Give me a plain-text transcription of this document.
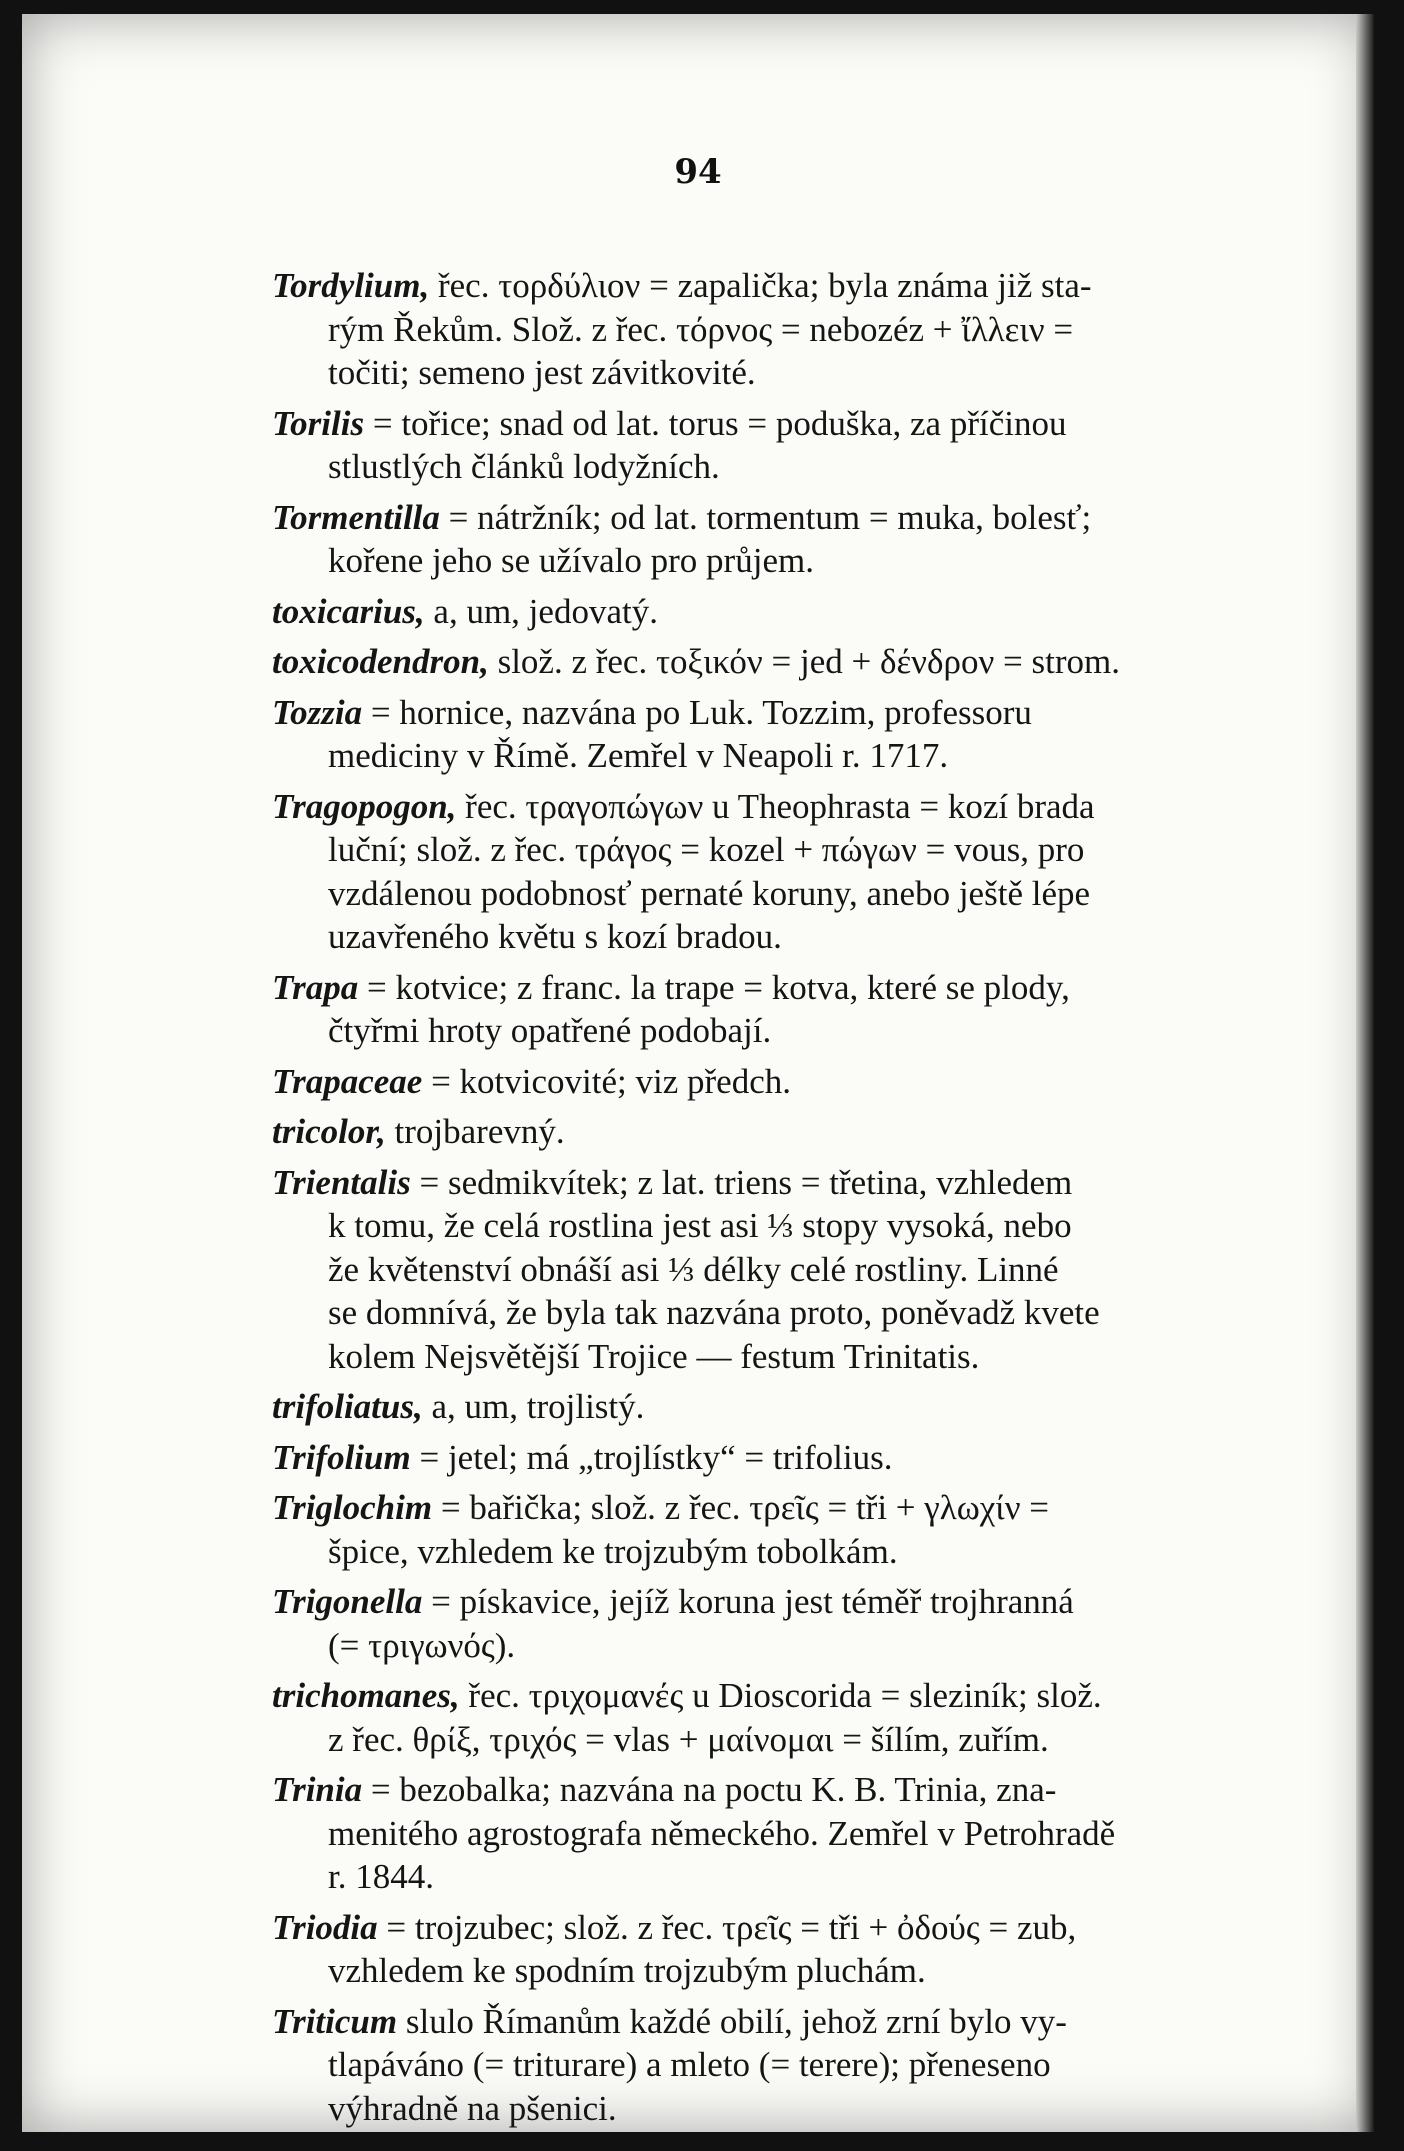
94
Tordylium, řec. τορδύλιον = zapalička; byla známa již sta-
rým Řekům. Slož. z řec. τόρνος = nebozéz + ἴλλειν =
točiti; semeno jest závitkovité.
Torilis = tořice; snad od lat. torus = poduška, za příčinou
stlustlých článků lodyžních.
Tormentilla = nátržník; od lat. tormentum = muka, bolesť;
kořene jeho se užívalo pro průjem.
toxicarius, a, um, jedovatý.
toxicodendron, slož. z řec. τοξικόν = jed + δένδρον = strom.
Tozzia = hornice, nazvána po Luk. Tozzim, professoru
mediciny v Římě. Zemřel v Neapoli r. 1717.
Tragopogon, řec. τραγοπώγων u Theophrasta = kozí brada
luční; slož. z řec. τράγος = kozel + πώγων = vous, pro
vzdálenou podobnosť pernaté koruny, anebo ještě lépe
uzavřeného květu s kozí bradou.
Trapa = kotvice; z franc. la trape = kotva, které se plody,
čtyřmi hroty opatřené podobají.
Trapaceae = kotvicovité; viz předch.
tricolor, trojbarevný.
Trientalis = sedmikvítek; z lat. triens = třetina, vzhledem
k tomu, že celá rostlina jest asi ⅓ stopy vysoká, nebo
že květenství obnáší asi ⅓ délky celé rostliny. Linné
se domnívá, že byla tak nazvána proto, poněvadž kvete
kolem Nejsvětější Trojice — festum Trinitatis.
trifoliatus, a, um, trojlistý.
Trifolium = jetel; má „trojlístky“ = trifolius.
Triglochim = bařička; slož. z řec. τρεῖς = tři + γλωχίν =
špice, vzhledem ke trojzubým tobolkám.
Trigonella = pískavice, jejíž koruna jest téměř trojhranná
(= τριγωνός).
trichomanes, řec. τριχομανές u Dioscorida = sleziník; slož.
z řec. θρίξ, τριχός = vlas + μαίνομαι = šílím, zuřím.
Trinia = bezobalka; nazvána na poctu K. B. Trinia, zna-
menitého agrostografa německého. Zemřel v Petrohradě
r. 1844.
Triodia = trojzubec; slož. z řec. τρεῖς = tři + ὀδούς = zub,
vzhledem ke spodním trojzubým pluchám.
Triticum slulo Římanům každé obilí, jehož zrní bylo vy-
tlapáváno (= triturare) a mleto (= terere); přeneseno
výhradně na pšenici.
